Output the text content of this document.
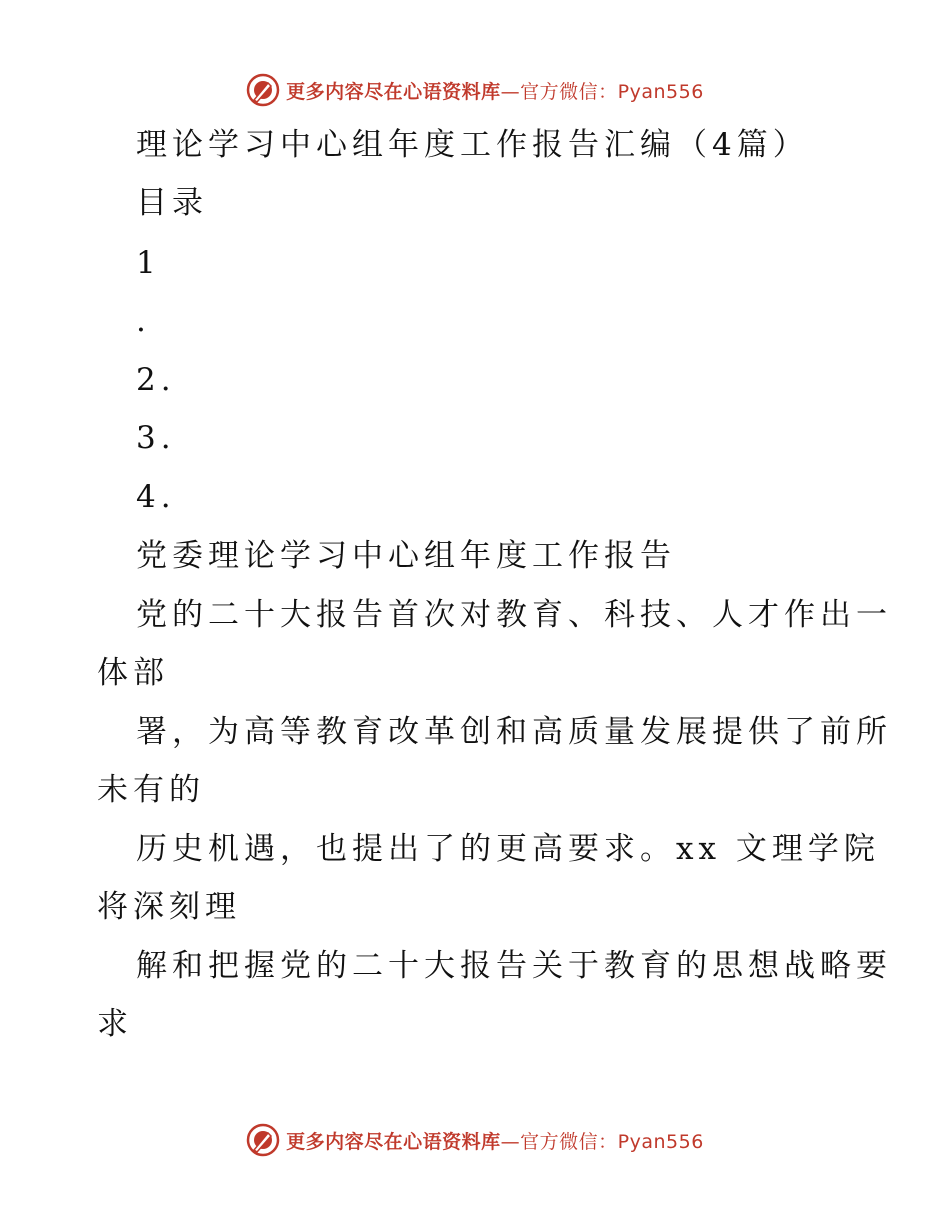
更多内容尽在心语资料库—官方微信：Pyan556
理论学习中心组年度工作报告汇编（4篇）
目录
1
.
2.
3.
4.
党委理论学习中心组年度工作报告
党的二十大报告首次对教育、科技、人才作出一
体部
署，为高等教育改革创和高质量发展提供了前所
未有的
历史机遇，也提出了的更高要求。xx 文理学院
将深刻理
解和把握党的二十大报告关于教育的思想战略要
求
更多内容尽在心语资料库—官方微信：Pyan556
